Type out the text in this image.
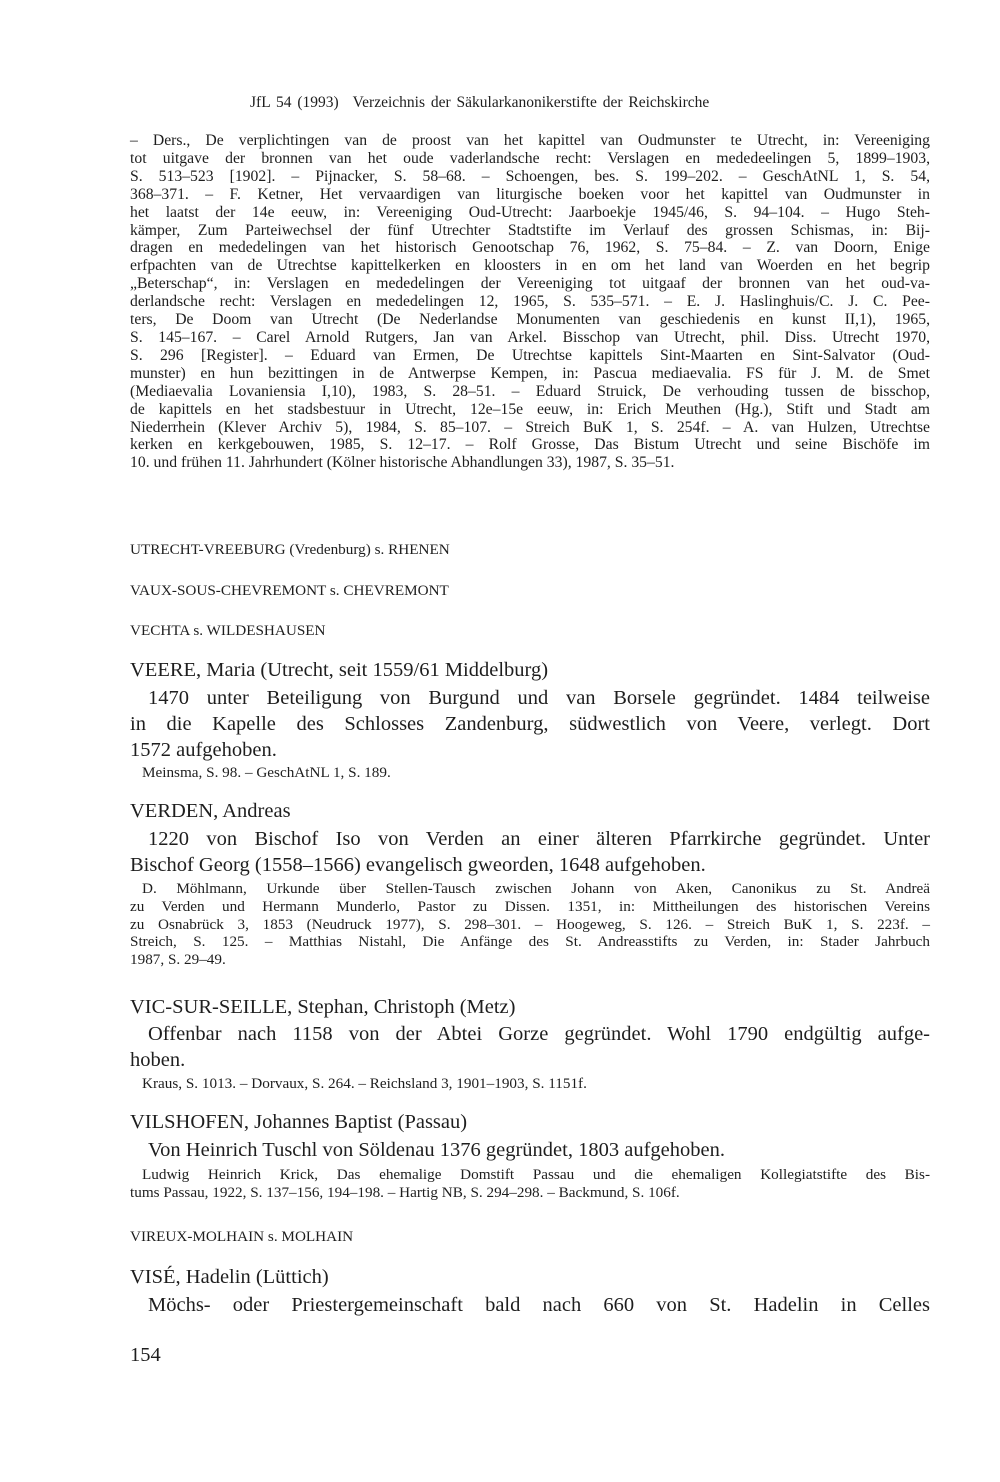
JfL 54 (1993) Verzeichnis der Säkularkanonikerstifte der Reichskirche
– Ders., De verplichtingen van de proost van het kapittel van Oudmunster te Utrecht, in: Vereeniging
tot uitgave der bronnen van het oude vaderlandsche recht: Verslagen en mededeelingen 5, 1899–1903,
S. 513–523 [1902]. – Pijnacker, S. 58–68. – Schoengen, bes. S. 199–202. – GeschAtNL 1, S. 54,
368–371. – F. Ketner, Het vervaardigen van liturgische boeken voor het kapittel van Oudmunster in
het laatst der 14e eeuw, in: Vereeniging Oud-Utrecht: Jaarboekje 1945/46, S. 94–104. – Hugo Steh-
kämper, Zum Parteiwechsel der fünf Utrechter Stadtstifte im Verlauf des grossen Schismas, in: Bij-
dragen en mededelingen van het historisch Genootschap 76, 1962, S. 75–84. – Z. van Doorn, Enige
erfpachten van de Utrechtse kapittelkerken en kloosters in en om het land van Woerden en het begrip
„Beterschap“, in: Verslagen en mededelingen der Vereeniging tot uitgaaf der bronnen van het oud-va-
derlandsche recht: Verslagen en mededelingen 12, 1965, S. 535–571. – E. J. Haslinghuis/C. J. C. Pee-
ters, De Doom van Utrecht (De Nederlandse Monumenten van geschiedenis en kunst II,1), 1965,
S. 145–167. – Carel Arnold Rutgers, Jan van Arkel. Bisschop van Utrecht, phil. Diss. Utrecht 1970,
S. 296 [Register]. – Eduard van Ermen, De Utrechtse kapittels Sint-Maarten en Sint-Salvator (Oud-
munster) en hun bezittingen in de Antwerpse Kempen, in: Pascua mediaevalia. FS für J. M. de Smet
(Mediaevalia Lovaniensia I,10), 1983, S. 28–51. – Eduard Struick, De verhouding tussen de bisschop,
de kapittels en het stadsbestuur in Utrecht, 12e–15e eeuw, in: Erich Meuthen (Hg.), Stift und Stadt am
Niederrhein (Klever Archiv 5), 1984, S. 85–107. – Streich BuK 1, S. 254f. – A. van Hulzen, Utrechtse
kerken en kerkgebouwen, 1985, S. 12–17. – Rolf Grosse, Das Bistum Utrecht und seine Bischöfe im
10. und frühen 11. Jahrhundert (Kölner historische Abhandlungen 33), 1987, S. 35–51.
UTRECHT-VREEBURG (Vredenburg) s. RHENEN
VAUX-SOUS-CHEVREMONT s. CHEVREMONT
VECHTA s. WILDESHAUSEN
VEERE, Maria (Utrecht, seit 1559/61 Middelburg)
1470 unter Beteiligung von Burgund und van Borsele gegründet. 1484 teilweise
in die Kapelle des Schlosses Zandenburg, südwestlich von Veere, verlegt. Dort
1572 aufgehoben.
Meinsma, S. 98. – GeschAtNL 1, S. 189.
VERDEN, Andreas
1220 von Bischof Iso von Verden an einer älteren Pfarrkirche gegründet. Unter
Bischof Georg (1558–1566) evangelisch gweorden, 1648 aufgehoben.
D. Möhlmann, Urkunde über Stellen-Tausch zwischen Johann von Aken, Canonikus zu St. Andreä
zu Verden und Hermann Munderlo, Pastor zu Dissen. 1351, in: Mittheilungen des historischen Vereins
zu Osnabrück 3, 1853 (Neudruck 1977), S. 298–301. – Hoogeweg, S. 126. – Streich BuK 1, S. 223f. –
Streich, S. 125. – Matthias Nistahl, Die Anfänge des St. Andreasstifts zu Verden, in: Stader Jahrbuch
1987, S. 29–49.
VIC-SUR-SEILLE, Stephan, Christoph (Metz)
Offenbar nach 1158 von der Abtei Gorze gegründet. Wohl 1790 endgültig aufge-
hoben.
Kraus, S. 1013. – Dorvaux, S. 264. – Reichsland 3, 1901–1903, S. 1151f.
VILSHOFEN, Johannes Baptist (Passau)
Von Heinrich Tuschl von Söldenau 1376 gegründet, 1803 aufgehoben.
Ludwig Heinrich Krick, Das ehemalige Domstift Passau und die ehemaligen Kollegiatstifte des Bis-
tums Passau, 1922, S. 137–156, 194–198. – Hartig NB, S. 294–298. – Backmund, S. 106f.
VIREUX-MOLHAIN s. MOLHAIN
VISÉ, Hadelin (Lüttich)
Möchs- oder Priestergemeinschaft bald nach 660 von St. Hadelin in Celles
154
